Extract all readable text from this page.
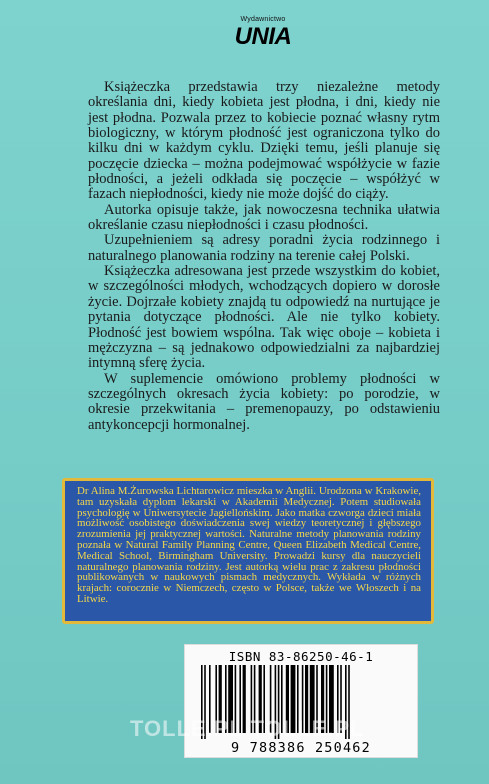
Wydawnictwo
UNIA

Książeczka przedstawia trzy niezależne metody określania dni, kiedy kobieta jest płodna, i dni, kiedy nie jest płodna. Pozwala przez to kobiecie poznać własny rytm biologiczny, w którym płodność jest ograniczona tylko do kilku dni w każdym cyklu. Dzięki temu, jeśli planuje się poczęcie dziecka – można podejmować współżycie w fazie płodności, a jeżeli odkłada się poczęcie – współżyć w fazach niepłodności, kiedy nie może dojść do ciąży.

Autorka opisuje także, jak nowoczesna technika ułatwia określanie czasu niepłodności i czasu płodności.

Uzupełnieniem są adresy poradni życia rodzinnego i naturalnego planowania rodziny na terenie całej Polski.

Książeczka adresowana jest przede wszystkim do kobiet, w szczególności młodych, wchodzących dopiero w dorosłe życie. Dojrzałe kobiety znajdą tu odpowiedź na nurtujące je pytania dotyczące płodności. Ale nie tylko kobiety. Płodność jest bowiem wspólna. Tak więc oboje – kobieta i mężczyzna – są jednakowo odpowiedzialni za najbardziej intymną sferę życia.

W suplemencie omówiono problemy płodności w szczególnych okresach życia kobiety: po porodzie, w okresie przekwitania – premenopauzy, po odstawieniu antykoncepcji hormonalnej.

Dr Alina M.Żurowska Lichtarowicz mieszka w Anglii. Urodzona w Krakowie, tam uzyskała dyplom lekarski w Akademii Medycznej. Potem studiowała psychologię w Uniwersytecie Jagiellońskim. Jako matka czworga dzieci miała możliwość osobistego doświadczenia swej wiedzy teoretycznej i głębszego zrozumienia jej praktycznej wartości. Naturalne metody planowania rodziny poznała w Natural Family Planning Centre, Queen Elizabeth Medical Centre, Medical School, Birmingham University. Prowadzi kursy dla nauczycieli naturalnego planowania rodziny. Jest autorką wielu prac z zakresu płodności publikowanych w naukowych pismach medycznych. Wykłada w różnych krajach: corocznie w Niemczech, często w Polsce, także we Włoszech i na Litwie.
ISBN 83-86250-46-1
9 788386 250462
TOLLE.PL TOLLE.PL
